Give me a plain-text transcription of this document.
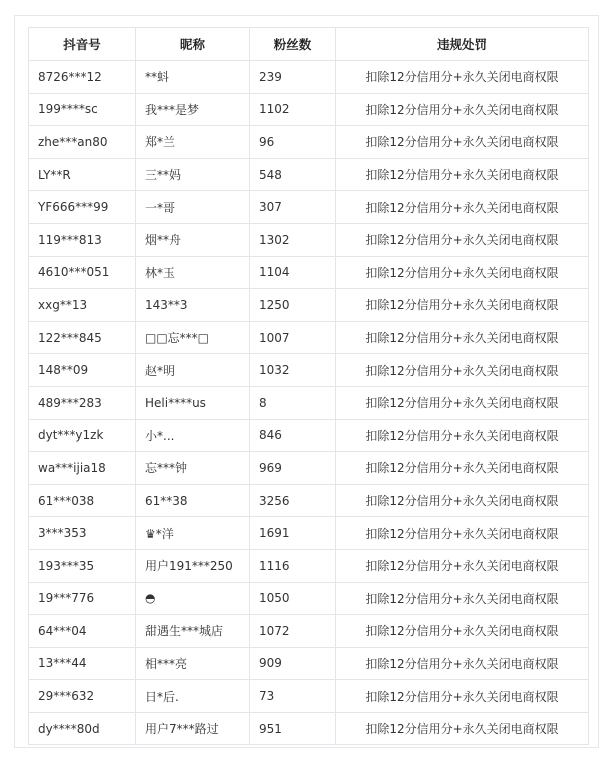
抖音号	昵称	粉丝数	违规处罚
8726***12	**蚪	239	扣除12分信用分+永久关闭电商权限
199****sc	我***是梦	1102	扣除12分信用分+永久关闭电商权限
zhe***an80	郑*兰	96	扣除12分信用分+永久关闭电商权限
LY**R	三**妈	548	扣除12分信用分+永久关闭电商权限
YF666***99	一*哥	307	扣除12分信用分+永久关闭电商权限
119***813	烟**舟	1302	扣除12分信用分+永久关闭电商权限
4610***051	林*玉	1104	扣除12分信用分+永久关闭电商权限
xxg**13	143**3	1250	扣除12分信用分+永久关闭电商权限
122***845	□□忘***□	1007	扣除12分信用分+永久关闭电商权限
148**09	赵*明	1032	扣除12分信用分+永久关闭电商权限
489***283	Heli****us	8	扣除12分信用分+永久关闭电商权限
dyt***y1zk	小*...	846	扣除12分信用分+永久关闭电商权限
wa***ijia18	忘***钟	969	扣除12分信用分+永久关闭电商权限
61***038	61**38	3256	扣除12分信用分+永久关闭电商权限
3***353	♛*洋	1691	扣除12分信用分+永久关闭电商权限
193***35	用户191***250	1116	扣除12分信用分+永久关闭电商权限
19***776	◓	1050	扣除12分信用分+永久关闭电商权限
64***04	甜遇生***城店	1072	扣除12分信用分+永久关闭电商权限
13***44	相***亮	909	扣除12分信用分+永久关闭电商权限
29***632	日*后.	73	扣除12分信用分+永久关闭电商权限
dy****80d	用户7***路过	951	扣除12分信用分+永久关闭电商权限
